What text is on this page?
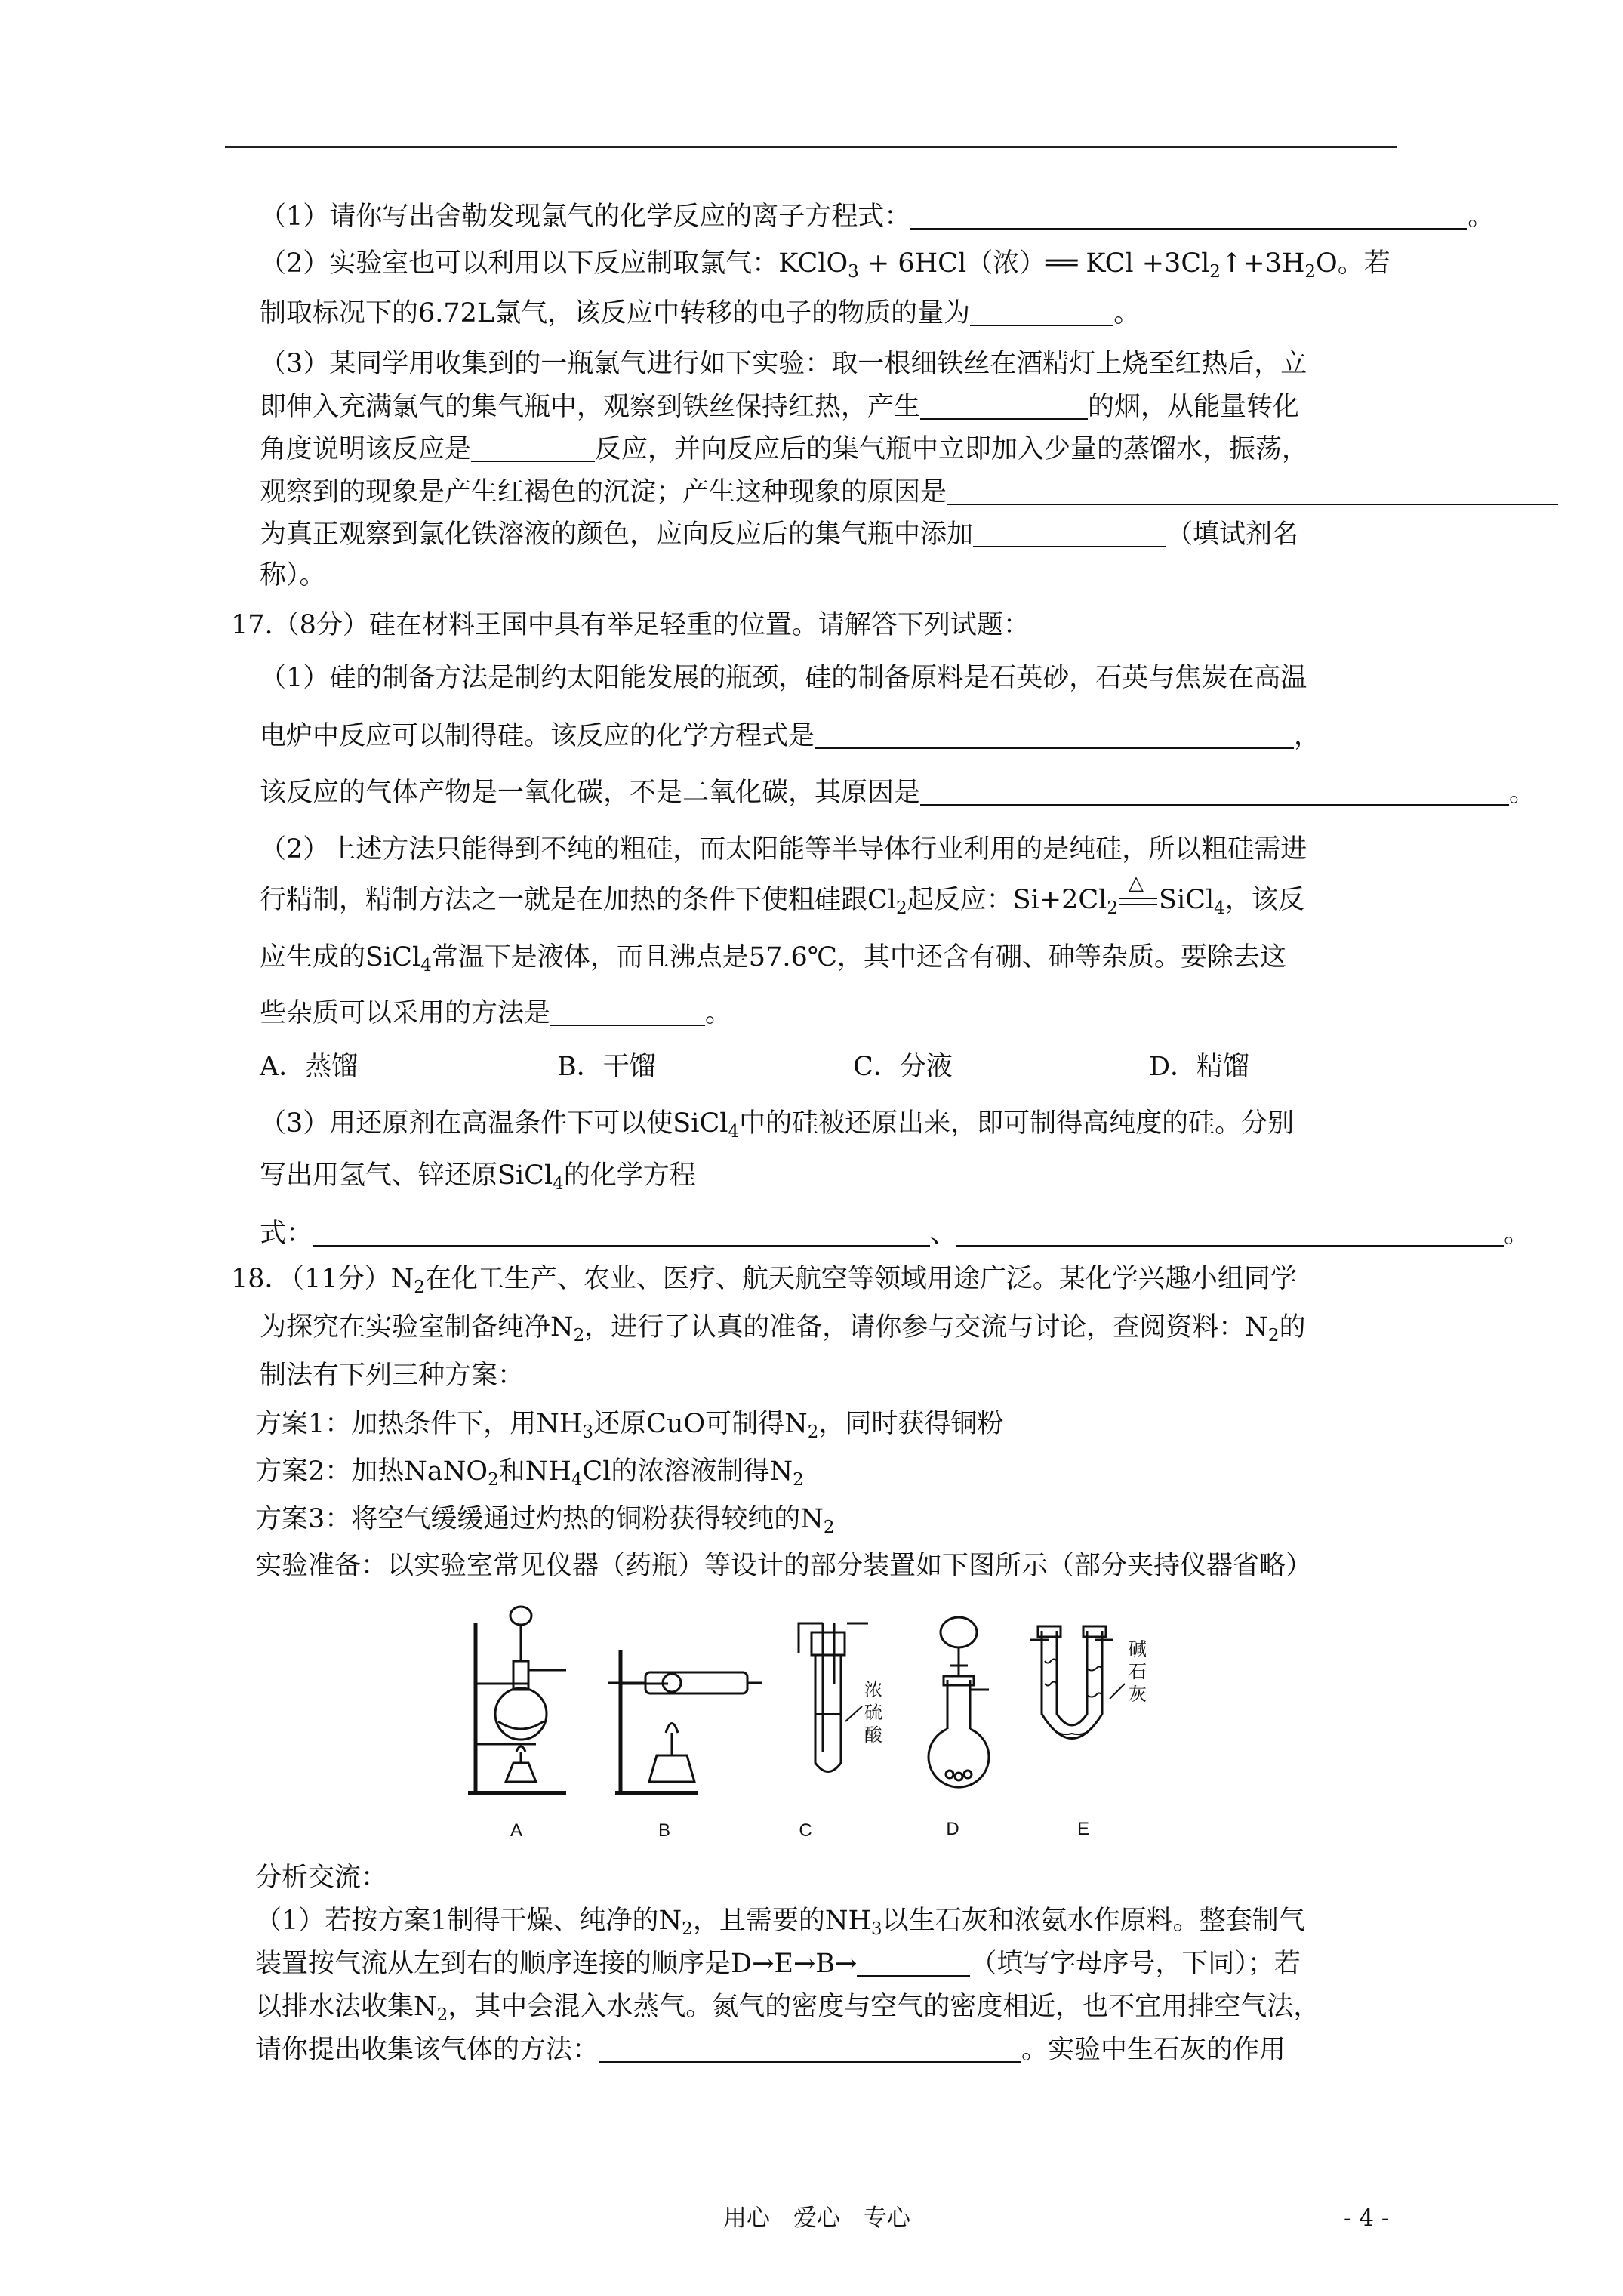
（1）请你写出舍勒发现氯气的化学反应的离子方程式：	。
（2）实验室也可以利用以下反应制取氯气：KClO$_3$ + 6HCl（浓）══ KCl $+3Cl_2↑+3H_2O$。若
制取标况下的6.72L氯气，该反应中转移的电子的物质的量为	。
（3）某同学用收集到的一瓶氯气进行如下实验：取一根细铁丝在酒精灯上烧至红热后，立
即伸入充满氯气的集气瓶中，观察到铁丝保持红热，产生	的烟，从能量转化
角度说明该反应是	反应，并向反应后的集气瓶中立即加入少量的蒸馏水，振荡，
观察到的现象是产生红褐色的沉淀；产生这种现象的原因是
为真正观察到氯化铁溶液的颜色，应向反应后的集气瓶中添加	（填试剂名
称）。
17.（8分）硅在材料王国中具有举足轻重的位置。请解答下列试题：
（1）硅的制备方法是制约太阳能发展的瓶颈，硅的制备原料是石英砂，石英与焦炭在高温
电炉中反应可以制得硅。该反应的化学方程式是	，
该反应的气体产物是一氧化碳，不是二氧化碳，其原因是	。
（2）上述方法只能得到不纯的粗硅，而太阳能等半导体行业利用的是纯硅，所以粗硅需进
行精制，精制方法之一就是在加热的条件下使粗硅跟$Cl_2$起反应：$Si+2Cl_2$
△
SiCl$_4$，该反
应生成的SiCl$_4$常温下是液体，而且沸点是57.6℃，其中还含有硼、砷等杂质。要除去这
些杂质可以采用的方法是	。
A．蒸馏	B．干馏	C．分液	D．精馏
（3）用还原剂在高温条件下可以使SiCl$_4$中的硅被还原出来，即可制得高纯度的硅。分别
写出用氢气、锌还原SiCl$_4$的化学方程
式：	、	。
18．（11分）$N_2$在化工生产、农业、医疗、航天航空等领域用途广泛。某化学兴趣小组同学
为探究在实验室制备纯净$N_2$，进行了认真的准备，请你参与交流与讨论，查阅资料：$N_2$的
制法有下列三种方案：
方案1：加热条件下，用$NH_3$还原CuO可制得$N_2$，同时获得铜粉
方案2：加热NaNO$_2$和$NH_4Cl$的浓溶液制得$N_2$
方案3：将空气缓缓通过灼热的铜粉获得较纯的$N_2$
实验准备：以实验室常见仪器（药瓶）等设计的部分装置如下图所示（部分夹持仪器省略）
A	B	C	D	E
浓
硫
酸
碱
石
灰
分析交流：
（1）若按方案1制得干燥、纯净的$N_2$，且需要的$NH_3$以生石灰和浓氨水作原料。整套制气
装置按气流从左到右的顺序连接的顺序是D→E→B→	（填写字母序号，下同）；若
以排水法收集$N_2$，其中会混入水蒸气。氮气的密度与空气的密度相近，也不宜用排空气法，
请你提出收集该气体的方法：	。实验中生石灰的作用
用心　爱心　专心	- 4 -
